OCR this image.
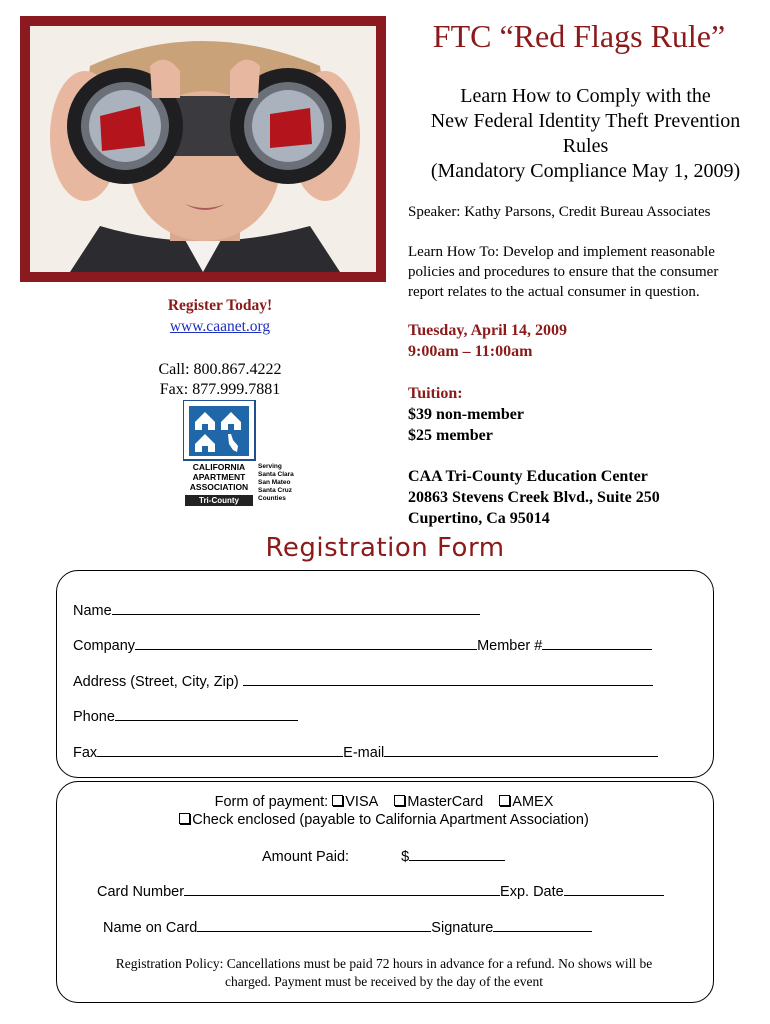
FTC “Red Flags Rule”
Learn How to Comply with the
New Federal Identity Theft Prevention
Rules
(Mandatory Compliance May 1, 2009)
Speaker: Kathy Parsons, Credit Bureau Associates
Learn How To: Develop and implement reasonable
policies and procedures to ensure that the consumer
report relates to the actual consumer in question.
Tuesday, April 14, 2009
9:00am – 11:00am
Tuition:
$39 non-member
$25 member
CAA Tri-County Education Center
20863 Stevens Creek Blvd., Suite 250
Cupertino, Ca 95014
Register Today!
www.caanet.org
Call: 800.867.4222
Fax: 877.999.7881
CALIFORNIA
APARTMENT
ASSOCIATION
Tri-County
Serving
Santa Clara
San Mateo
Santa Cruz
Counties
Registration Form
Name
Company	Member #
Address (Street, City, Zip)
Phone
Fax	E-mail
Form of payment: VISA MasterCard AMEX
Check enclosed (payable to California Apartment Association)
Amount Paid:	$
Card Number	Exp. Date
Name on Card	Signature
Registration Policy: Cancellations must be paid 72 hours in advance for a refund. No shows will be
charged. Payment must be received by the day of the event
